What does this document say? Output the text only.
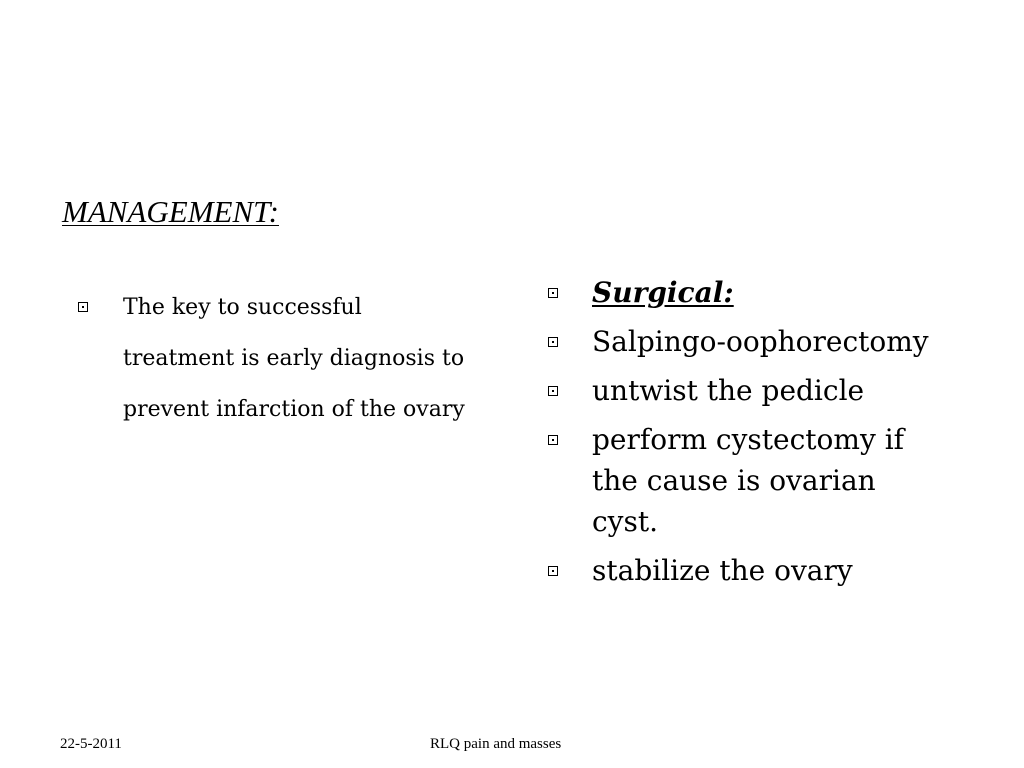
MANAGEMENT:
The key to successful treatment is early diagnosis to prevent infarction of the ovary
Surgical:
Salpingo-oophorectomy
untwist the pedicle
perform cystectomy if the cause is ovarian cyst.
stabilize the ovary
22-5-2011	RLQ pain and masses
